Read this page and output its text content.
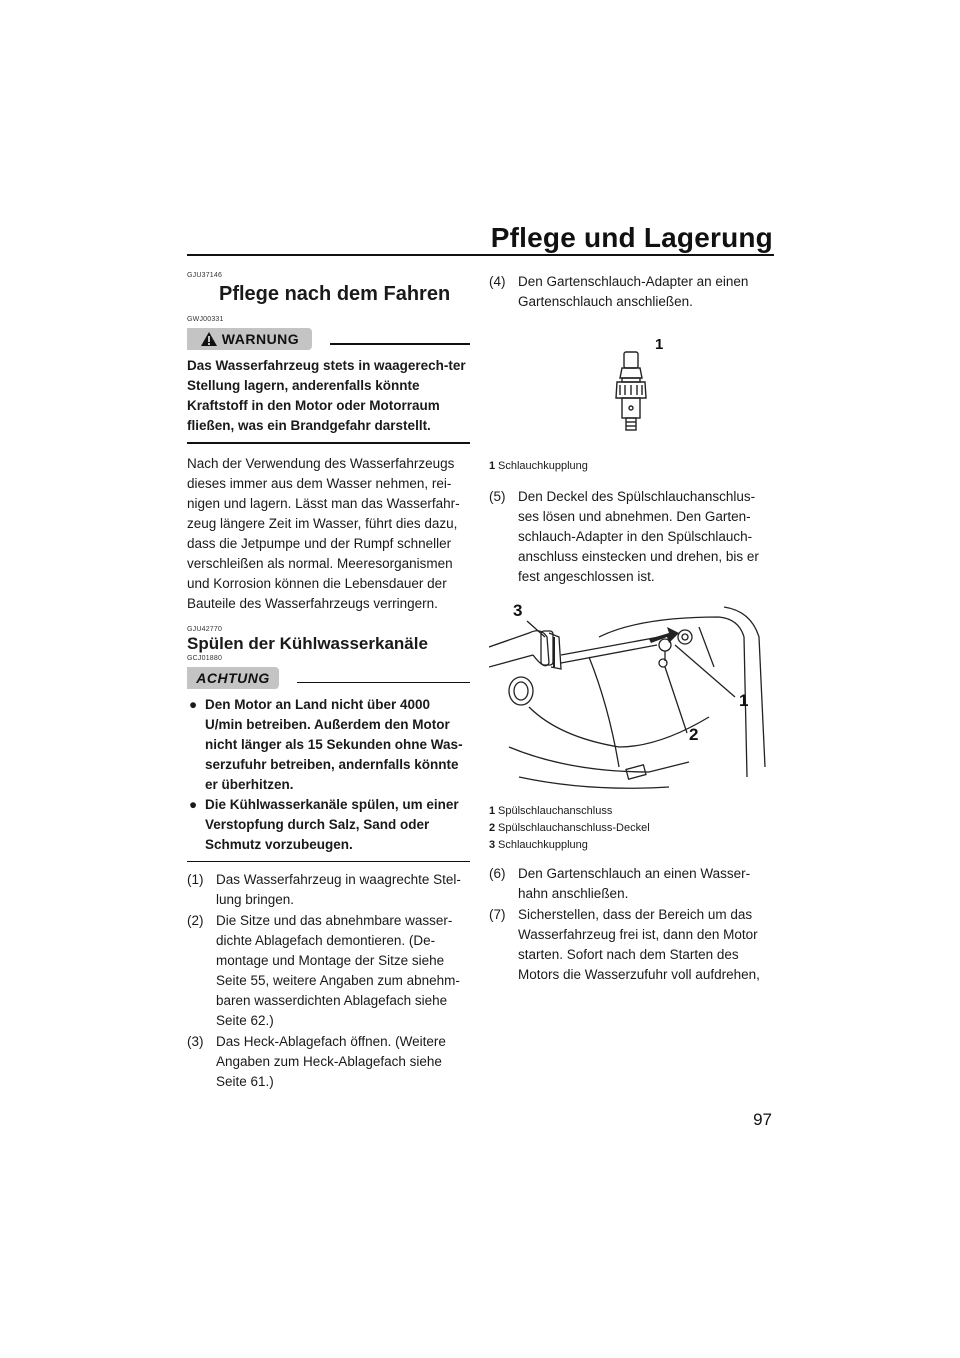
Pflege und Lagerung
GJU37146
Pflege nach dem Fahren
GWJ00331
WARNUNG
Das Wasserfahrzeug stets in waagerech-ter Stellung lagern, anderenfalls könnte Kraftstoff in den Motor oder Motorraum fließen, was ein Brandgefahr darstellt.
Nach der Verwendung des Wasserfahrzeugs dieses immer aus dem Wasser nehmen, rei-nigen und lagern. Lässt man das Wasserfahr-zeug längere Zeit im Wasser, führt dies dazu, dass die Jetpumpe und der Rumpf schneller verschleißen als normal. Meeresorganismen und Korrosion können die Lebensdauer der Bauteile des Wasserfahrzeugs verringern.
GJU42770
Spülen der Kühlwasserkanäle
GCJ01880
ACHTUNG
● Den Motor an Land nicht über 4000 U/min betreiben. Außerdem den Motor nicht länger als 15 Sekunden ohne Was-serzufuhr betreiben, andernfalls könnte er überhitzen.
● Die Kühlwasserkanäle spülen, um einer Verstopfung durch Salz, Sand oder Schmutz vorzubeugen.
(1) Das Wasserfahrzeug in waagrechte Stel-lung bringen.
(2) Die Sitze und das abnehmbare wasser-dichte Ablagefach demontieren. (De-montage und Montage der Sitze siehe Seite 55, weitere Angaben zum abnehm-baren wasserdichten Ablagefach siehe Seite 62.)
(3) Das Heck-Ablagefach öffnen. (Weitere Angaben zum Heck-Ablagefach siehe Seite 61.)
(4) Den Gartenschlauch-Adapter an einen Gartenschlauch anschließen.
1
1 Schlauchkupplung
(5) Den Deckel des Spülschlauchanschlus-ses lösen und abnehmen. Den Garten-schlauch-Adapter in den Spülschlauch-anschluss einstecken und drehen, bis er fest angeschlossen ist.
3
1
2
1 Spülschlauchanschluss
2 Spülschlauchanschluss-Deckel
3 Schlauchkupplung
(6) Den Gartenschlauch an einen Wasser-hahn anschließen.
(7) Sicherstellen, dass der Bereich um das Wasserfahrzeug frei ist, dann den Motor starten. Sofort nach dem Starten des Motors die Wasserzufuhr voll aufdrehen,
97
